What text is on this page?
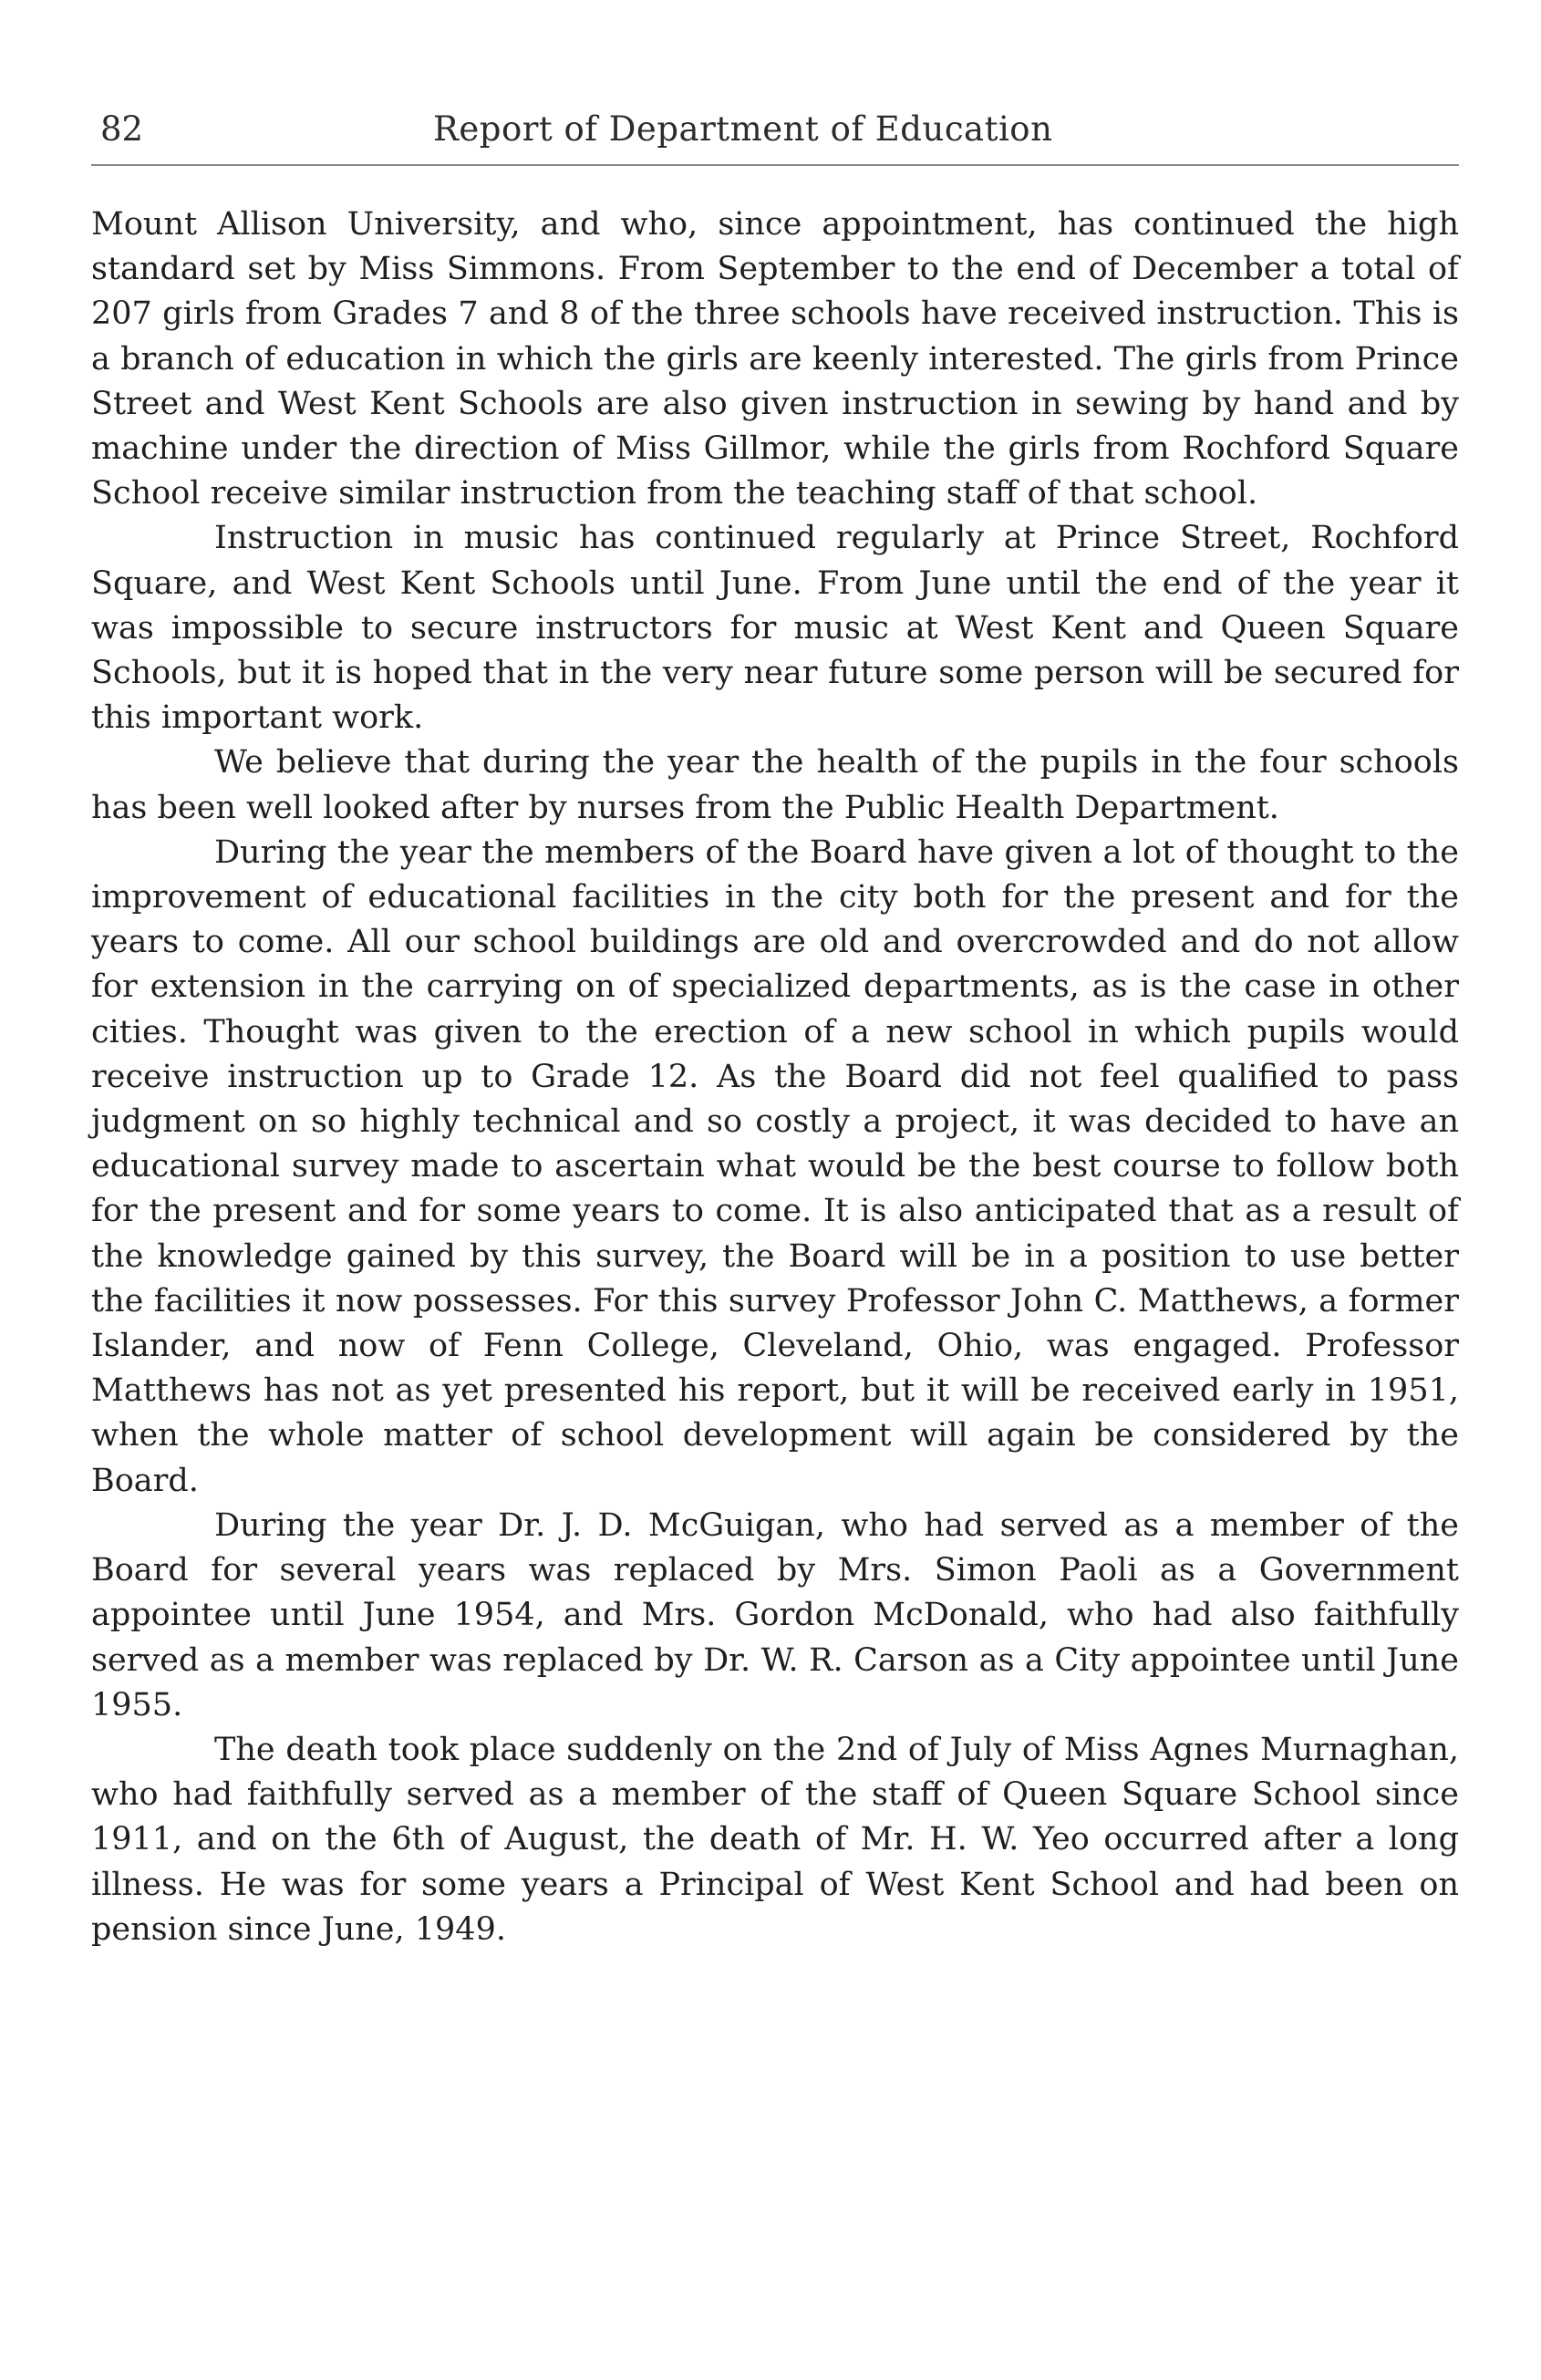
82	Report of Department of Education

Mount Allison University, and who, since appointment, has continued the high standard set by Miss Simmons. From September to the end of December a total of 207 girls from Grades 7 and 8 of the three schools have received instruction. This is a branch of education in which the girls are keenly interested. The girls from Prince Street and West Kent Schools are also given instruction in sewing by hand and by machine under the direction of Miss Gillmor, while the girls from Rochford Square School receive similar instruction from the teaching staff of that school.

Instruction in music has continued regularly at Prince Street, Rochford Square, and West Kent Schools until June. From June until the end of the year it was impossible to secure instructors for music at West Kent and Queen Square Schools, but it is hoped that in the very near future some person will be secured for this important work.

We believe that during the year the health of the pupils in the four schools has been well looked after by nurses from the Public Health Department.

During the year the members of the Board have given a lot of thought to the improvement of educational facilities in the city both for the present and for the years to come. All our school buildings are old and overcrowded and do not allow for extension in the carrying on of specialized departments, as is the case in other cities. Thought was given to the erection of a new school in which pupils would receive instruction up to Grade 12. As the Board did not feel qualified to pass judgment on so highly technical and so costly a project, it was decided to have an educational survey made to ascertain what would be the best course to follow both for the present and for some years to come. It is also anticipated that as a result of the knowledge gained by this survey, the Board will be in a position to use better the facilities it now possesses. For this survey Professor John C. Matthews, a former Islander, and now of Fenn College, Cleveland, Ohio, was engaged. Professor Matthews has not as yet presented his report, but it will be received early in 1951, when the whole matter of school development will again be considered by the Board.

During the year Dr. J. D. McGuigan, who had served as a member of the Board for several years was replaced by Mrs. Simon Paoli as a Government appointee until June 1954, and Mrs. Gordon McDonald, who had also faithfully served as a member was replaced by Dr. W. R. Carson as a City appointee until June 1955.

The death took place suddenly on the 2nd of July of Miss Agnes Murnaghan, who had faithfully served as a member of the staff of Queen Square School since 1911, and on the 6th of August, the death of Mr. H. W. Yeo occurred after a long illness. He was for some years a Principal of West Kent School and had been on pension since June, 1949.
